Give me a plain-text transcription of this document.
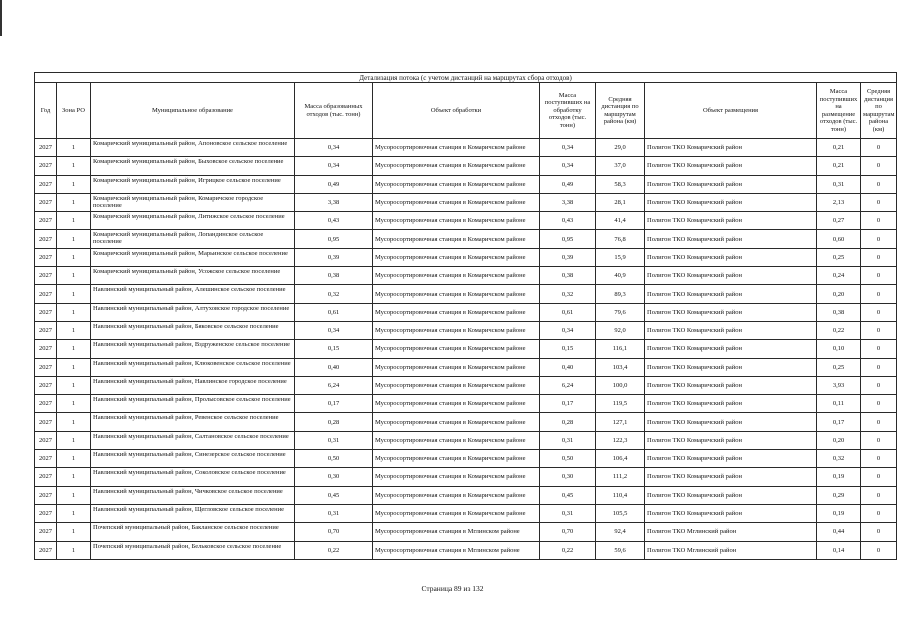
Детализация потока (с учетом дистанций на маршрутах сбора отходов)									
Год	Зона РО	Муниципальное образование	Масса образованных отходов (тыс. тонн)	Объект обработки	Масса поступивших на обработку отходов (тыс. тонн)	Средняя дистанция по маршрутам района (км)	Объект размещения	Масса поступивших на размещение отходов (тыс. тонн)	Средняя дистанция по маршрутам района (км)
2027	1	Комаричский муниципальный район, Апоновское сельское поселение	0,34	Мусоросортировочная станция в Комаричском районе	0,34	29,0	Полигон ТКО Комаричский район	0,21	0
2027	1	Комаричский муниципальный район, Быховское сельское поселение	0,34	Мусоросортировочная станция в Комаричском районе	0,34	37,0	Полигон ТКО Комаричский район	0,21	0
2027	1	Комаричский муниципальный район, Игрицкое сельское поселение	0,49	Мусоросортировочная станция в Комаричском районе	0,49	58,3	Полигон ТКО Комаричский район	0,31	0
2027	1	Комаричский муниципальный район, Комаричское городское поселение	3,38	Мусоросортировочная станция в Комаричском районе	3,38	28,1	Полигон ТКО Комаричский район	2,13	0
2027	1	Комаричский муниципальный район, Литижское сельское поселение	0,43	Мусоросортировочная станция в Комаричском районе	0,43	41,4	Полигон ТКО Комаричский район	0,27	0
2027	1	Комаричский муниципальный район, Лопандинское сельское поселение	0,95	Мусоросортировочная станция в Комаричском районе	0,95	76,8	Полигон ТКО Комаричский район	0,60	0
2027	1	Комаричский муниципальный район, Марьинское сельское поселение	0,39	Мусоросортировочная станция в Комаричском районе	0,39	15,9	Полигон ТКО Комаричский район	0,25	0
2027	1	Комаричский муниципальный район, Усожское сельское поселение	0,38	Мусоросортировочная станция в Комаричском районе	0,38	40,9	Полигон ТКО Комаричский район	0,24	0
2027	1	Навлинский муниципальный район, Алешинское сельское поселение	0,32	Мусоросортировочная станция в Комаричском районе	0,32	89,3	Полигон ТКО Комаричский район	0,20	0
2027	1	Навлинский муниципальный район, Алтуховское городское поселение	0,61	Мусоросортировочная станция в Комаричском районе	0,61	79,6	Полигон ТКО Комаричский район	0,38	0
2027	1	Навлинский муниципальный район, Бяковское сельское поселение	0,34	Мусоросортировочная станция в Комаричском районе	0,34	92,0	Полигон ТКО Комаричский район	0,22	0
2027	1	Навлинский муниципальный район, Вздруженское сельское поселение	0,15	Мусоросортировочная станция в Комаричском районе	0,15	116,1	Полигон ТКО Комаричский район	0,10	0
2027	1	Навлинский муниципальный район, Клюковенское сельское поселение	0,40	Мусоросортировочная станция в Комаричском районе	0,40	103,4	Полигон ТКО Комаричский район	0,25	0
2027	1	Навлинский муниципальный район, Навлинское городское поселение	6,24	Мусоросортировочная станция в Комаричском районе	6,24	100,0	Полигон ТКО Комаричский район	3,93	0
2027	1	Навлинский муниципальный район, Пролысовское сельское поселение	0,17	Мусоросортировочная станция в Комаричском районе	0,17	119,5	Полигон ТКО Комаричский район	0,11	0
2027	1	Навлинский муниципальный район, Ревенское сельское поселение	0,28	Мусоросортировочная станция в Комаричском районе	0,28	127,1	Полигон ТКО Комаричский район	0,17	0
2027	1	Навлинский муниципальный район, Салтановское сельское поселение	0,31	Мусоросортировочная станция в Комаричском районе	0,31	122,3	Полигон ТКО Комаричский район	0,20	0
2027	1	Навлинский муниципальный район, Синезерское сельское поселение	0,50	Мусоросортировочная станция в Комаричском районе	0,50	106,4	Полигон ТКО Комаричский район	0,32	0
2027	1	Навлинский муниципальный район, Соколовское сельское поселение	0,30	Мусоросортировочная станция в Комаричском районе	0,30	111,2	Полигон ТКО Комаричский район	0,19	0
2027	1	Навлинский муниципальный район, Чичковское сельское поселение	0,45	Мусоросортировочная станция в Комаричском районе	0,45	110,4	Полигон ТКО Комаричский район	0,29	0
2027	1	Навлинский муниципальный район, Щегловское сельское поселение	0,31	Мусоросортировочная станция в Комаричском районе	0,31	105,5	Полигон ТКО Комаричский район	0,19	0
2027	1	Почепский муниципальный район, Бакланское сельское поселение	0,70	Мусоросортировочная станция в Мглинском районе	0,70	92,4	Полигон ТКО Мглинский район	0,44	0
2027	1	Почепский муниципальный район, Бельковское сельское поселение	0,22	Мусоросортировочная станция в Мглинском районе	0,22	59,6	Полигон ТКО Мглинский район	0,14	0
Страница 89 из 132
